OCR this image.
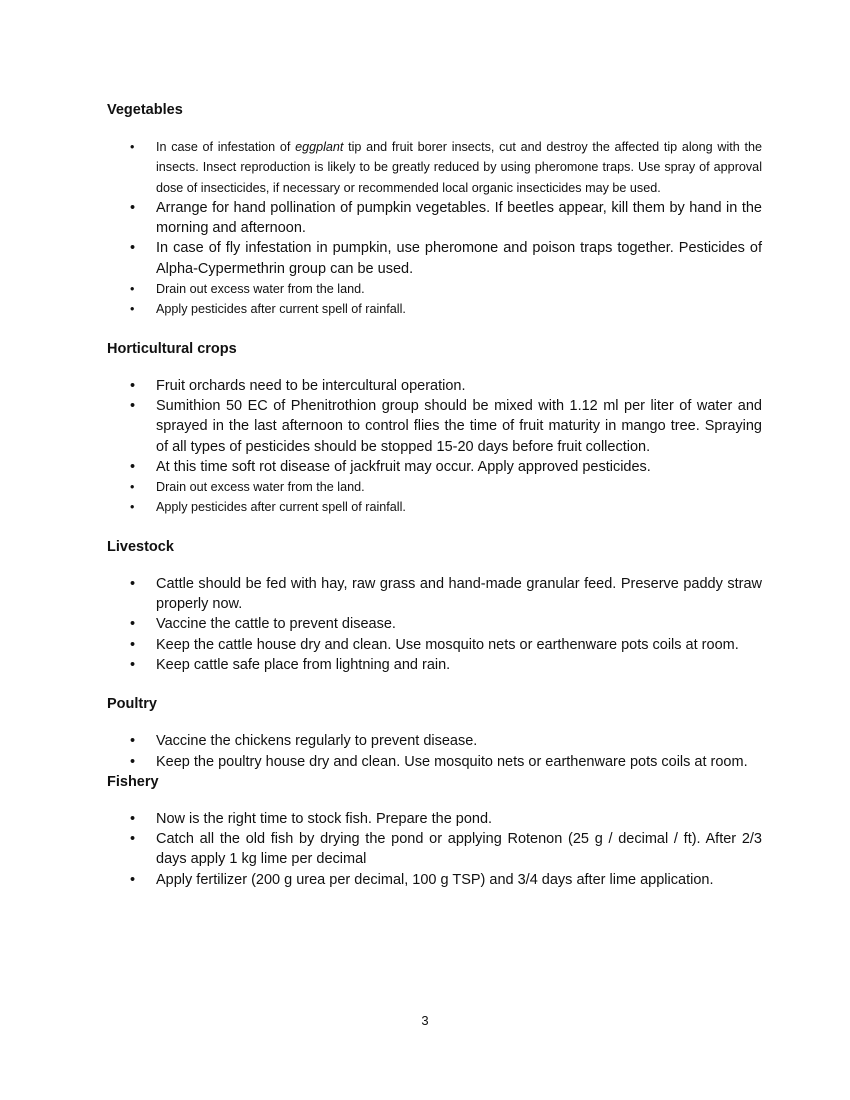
Vegetables
• In case of infestation of eggplant tip and fruit borer insects, cut and destroy the affected tip along with the insects. Insect reproduction is likely to be greatly reduced by using pheromone traps. Use spray of approval dose of insecticides, if necessary or recommended local organic insecticides may be used.
• Arrange for hand pollination of pumpkin vegetables. If beetles appear, kill them by hand in the morning and afternoon.
• In case of fly infestation in pumpkin, use pheromone and poison traps together. Pesticides of Alpha-Cypermethrin group can be used.
• Drain out excess water from the land.
• Apply pesticides after current spell of rainfall.
Horticultural crops
• Fruit orchards need to be intercultural operation.
• Sumithion 50 EC of Phenitrothion group should be mixed with 1.12 ml per liter of water and sprayed in the last afternoon to control flies the time of fruit maturity in mango tree. Spraying of all types of pesticides should be stopped 15-20 days before fruit collection.
• At this time soft rot disease of jackfruit may occur. Apply approved pesticides.
• Drain out excess water from the land.
• Apply pesticides after current spell of rainfall.
Livestock
• Cattle should be fed with hay, raw grass and hand-made granular feed. Preserve paddy straw properly now.
• Vaccine the cattle to prevent disease.
• Keep the cattle house dry and clean. Use mosquito nets or earthenware pots coils at room.
• Keep cattle safe place from lightning and rain.
Poultry
• Vaccine the chickens regularly to prevent disease.
• Keep the poultry house dry and clean. Use mosquito nets or earthenware pots coils at room.
Fishery
• Now is the right time to stock fish. Prepare the pond.
• Catch all the old fish by drying the pond or applying Rotenon (25 g / decimal / ft). After 2/3 days apply 1 kg lime per decimal
• Apply fertilizer (200 g urea per decimal, 100 g TSP) and 3/4 days after lime application.
3
